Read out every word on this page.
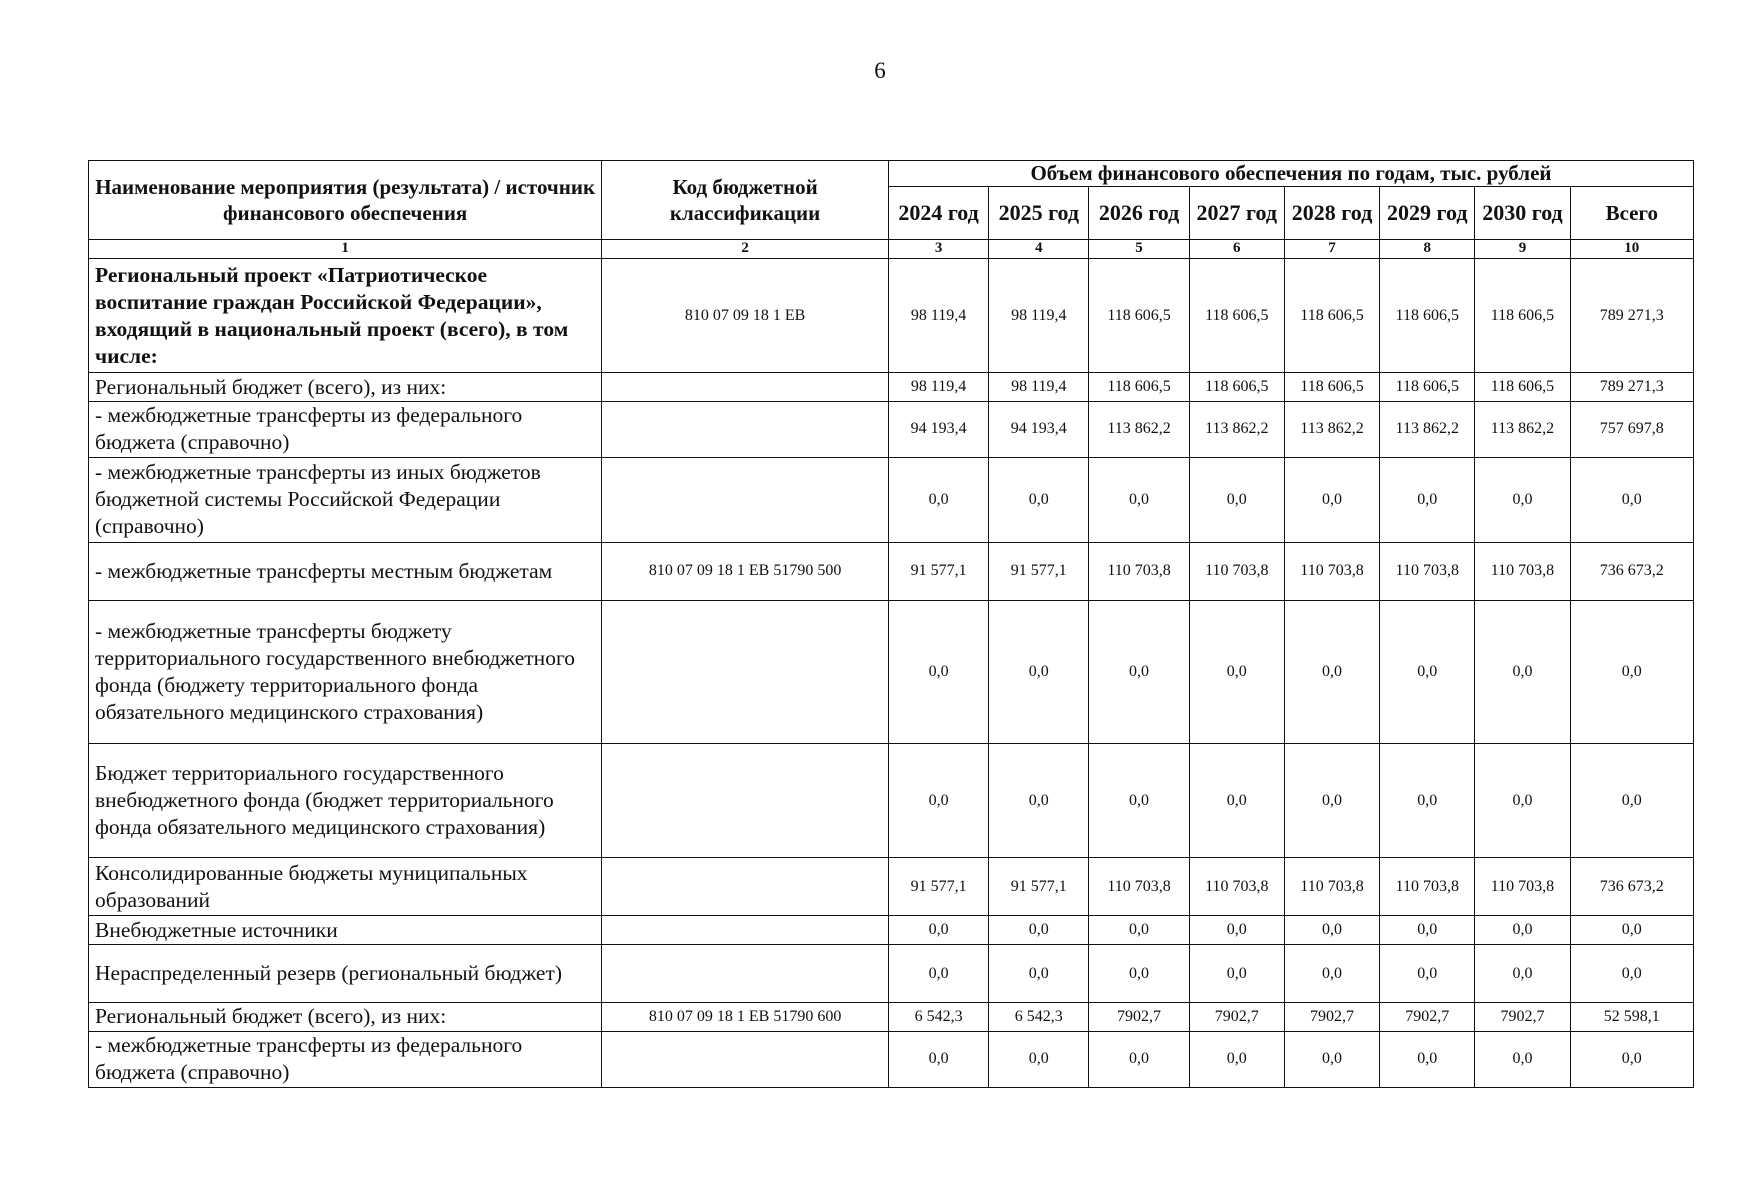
6
Наименование мероприятия (результата) / источник финансового обеспечения	Код бюджетной классификации	Объем финансового обеспечения по годам, тыс. рублей							
		2024 год	2025 год	2026 год	2027 год	2028 год	2029 год	2030 год	Всего
1	2	3	4	5	6	7	8	9	10
Региональный проект «Патриотическое воспитание граждан Российской Федерации», входящий в национальный проект (всего), в том числе:	810 07 09 18 1 EB	98 119,4	98 119,4	118 606,5	118 606,5	118 606,5	118 606,5	118 606,5	789 271,3
Региональный бюджет (всего), из них:		98 119,4	98 119,4	118 606,5	118 606,5	118 606,5	118 606,5	118 606,5	789 271,3
- межбюджетные трансферты из федерального бюджета (справочно)		94 193,4	94 193,4	113 862,2	113 862,2	113 862,2	113 862,2	113 862,2	757 697,8
- межбюджетные трансферты из иных бюджетов бюджетной системы Российской Федерации (справочно)		0,0	0,0	0,0	0,0	0,0	0,0	0,0	0,0
- межбюджетные трансферты местным бюджетам	810 07 09 18 1 EB 51790 500	91 577,1	91 577,1	110 703,8	110 703,8	110 703,8	110 703,8	110 703,8	736 673,2
- межбюджетные трансферты бюджету территориального государственного внебюджетного фонда (бюджету территориального фонда обязательного медицинского страхования)		0,0	0,0	0,0	0,0	0,0	0,0	0,0	0,0
Бюджет территориального государственного внебюджетного фонда (бюджет территориального фонда обязательного медицинского страхования)		0,0	0,0	0,0	0,0	0,0	0,0	0,0	0,0
Консолидированные бюджеты муниципальных образований		91 577,1	91 577,1	110 703,8	110 703,8	110 703,8	110 703,8	110 703,8	736 673,2
Внебюджетные источники		0,0	0,0	0,0	0,0	0,0	0,0	0,0	0,0
Нераспределенный резерв (региональный бюджет)		0,0	0,0	0,0	0,0	0,0	0,0	0,0	0,0
Региональный бюджет (всего), из них:	810 07 09 18 1 EB 51790 600	6 542,3	6 542,3	7902,7	7902,7	7902,7	7902,7	7902,7	52 598,1
- межбюджетные трансферты из федерального бюджета (справочно)		0,0	0,0	0,0	0,0	0,0	0,0	0,0	0,0
